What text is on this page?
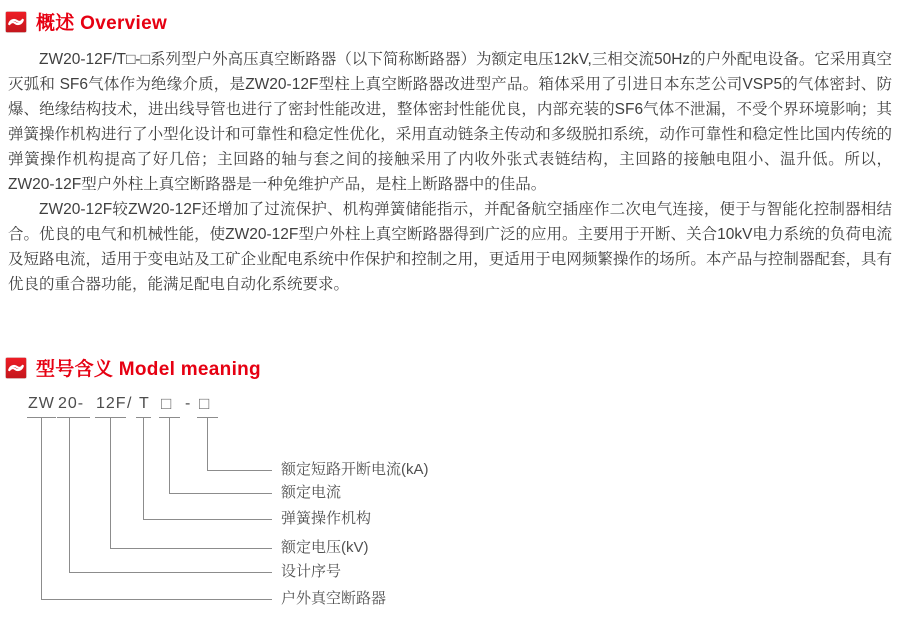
概述 Overview

ZW20-12F/T□-□系列型户外高压真空断路器（以下简称断路器）为额定电压12kV,三相交流50Hz的户外配电设备。它采用真空灭弧和 SF6气体作为绝缘介质，是ZW20-12F型柱上真空断路器改进型产品。箱体采用了引进日本东芝公司VSP5的气体密封、防爆、绝缘结构技术，进出线导管也进行了密封性能改进，整体密封性能优良，内部充装的SF6气体不泄漏，不受个界环境影响；其弹簧操作机构进行了小型化设计和可靠性和稳定性优化，采用直动链条主传动和多级脱扣系统，动作可靠性和稳定性比国内传统的弹簧操作机构提高了好几倍；主回路的轴与套之间的接触采用了内收外张式表链结构，主回路的接触电阻小、温升低。所以，ZW20-12F型户外柱上真空断路器是一种免维护产品，是柱上断路器中的佳品。

ZW20-12F较ZW20-12F还增加了过流保护、机构弹簧储能指示，并配备航空插座作二次电气连接，便于与智能化控制器相结合。优良的电气和机械性能，使ZW20-12F型户外柱上真空断路器得到广泛的应用。主要用于开断、关合10kV电力系统的负荷电流及短路电流，适用于变电站及工矿企业配电系统中作保护和控制之用，更适用于电网频繁操作的场所。本产品与控制器配套，具有优良的重合器功能，能满足配电自动化系统要求。

型号含义 Model meaning
ZW 20- 12F / T □ - □
额定短路开断电流(kA)
额定电流
弹簧操作机构
额定电压(kV)
设计序号
户外真空断路器
